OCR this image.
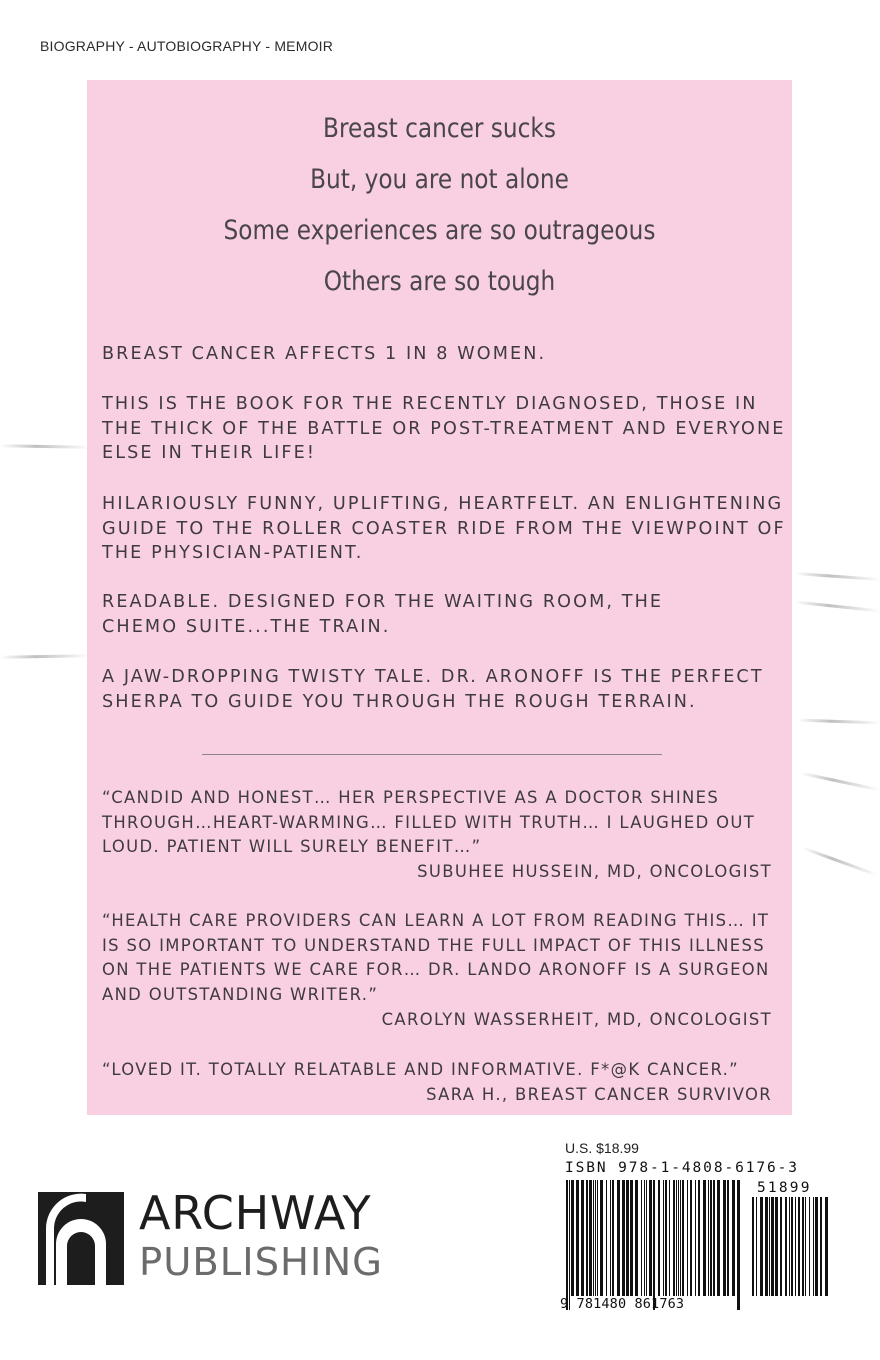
BIOGRAPHY - AUTOBIOGRAPHY - MEMOIR
Breast cancer sucks
But, you are not alone
Some experiences are so outrageous
Others are so tough
BREAST CANCER AFFECTS 1 IN 8 WOMEN.
THIS IS THE BOOK FOR THE RECENTLY DIAGNOSED, THOSE IN THE THICK OF THE BATTLE OR POST-TREATMENT AND EVERYONE ELSE IN THEIR LIFE!
HILARIOUSLY FUNNY, UPLIFTING, HEARTFELT. AN ENLIGHTENING GUIDE TO THE ROLLER COASTER RIDE FROM THE VIEWPOINT OF THE PHYSICIAN-PATIENT.
READABLE. DESIGNED FOR THE WAITING ROOM, THE CHEMO SUITE...THE TRAIN.
A JAW-DROPPING TWISTY TALE. DR. ARONOFF IS THE PERFECT SHERPA TO GUIDE YOU THROUGH THE ROUGH TERRAIN.
“CANDID AND HONEST… HER PERSPECTIVE AS A DOCTOR SHINES THROUGH…HEART-WARMING… FILLED WITH TRUTH… I LAUGHED OUT LOUD. PATIENT WILL SURELY BENEFIT…”
SUBUHEE HUSSEIN, MD, ONCOLOGIST
“HEALTH CARE PROVIDERS CAN LEARN A LOT FROM READING THIS… IT IS SO IMPORTANT TO UNDERSTAND THE FULL IMPACT OF THIS ILLNESS ON THE PATIENTS WE CARE FOR… DR. LANDO ARONOFF IS A SURGEON AND OUTSTANDING WRITER.”
CAROLYN WASSERHEIT, MD, ONCOLOGIST
“LOVED IT. TOTALLY RELATABLE AND INFORMATIVE. F*@K CANCER.”
SARA H., BREAST CANCER SURVIVOR
ARCHWAY
PUBLISHING
U.S. $18.99
ISBN 978-1-4808-6176-3
51899
9 781480 861763
